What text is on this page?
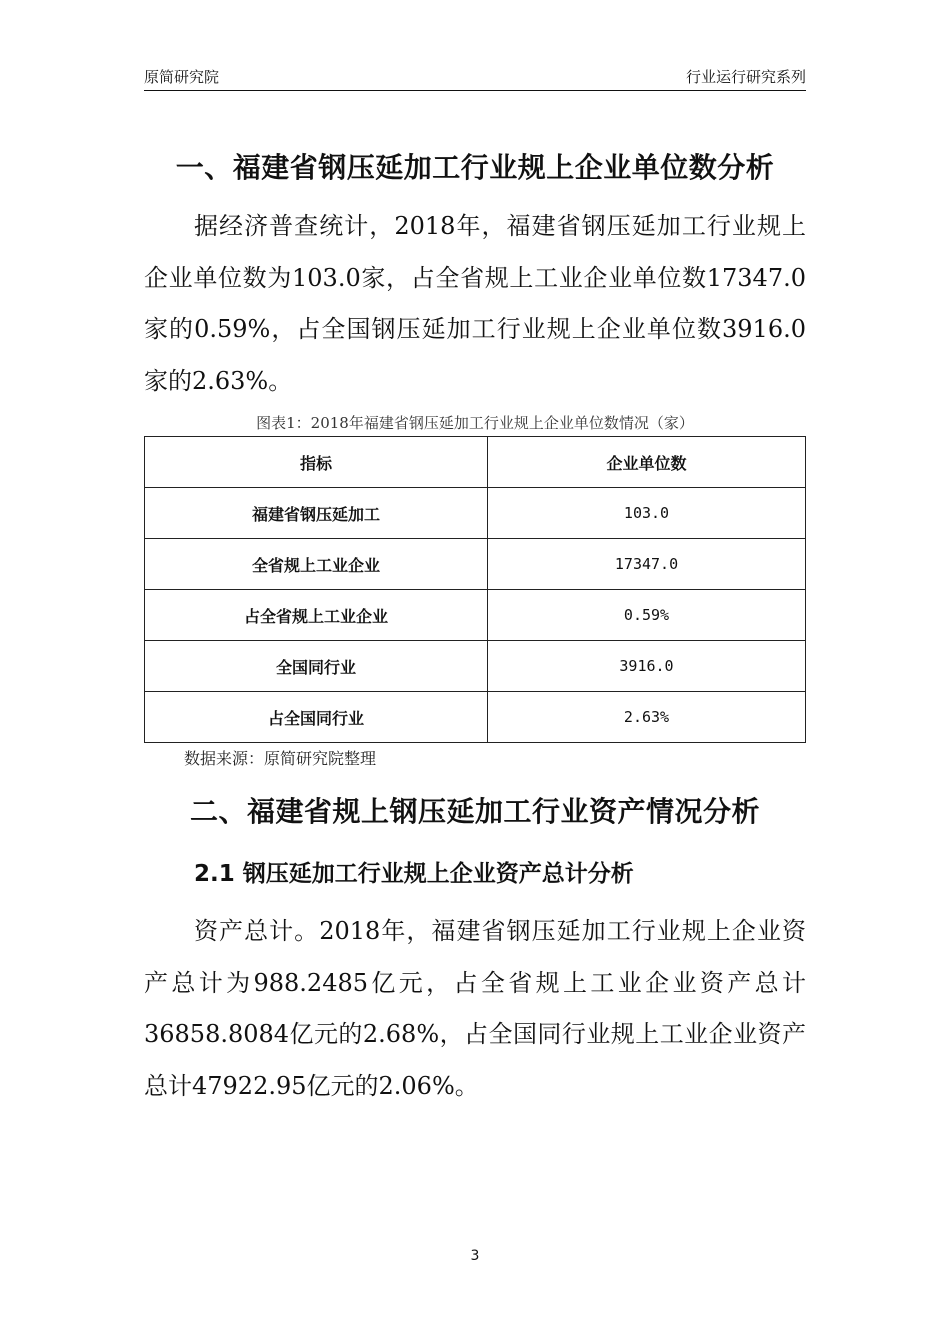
原简研究院	行业运行研究系列
一、福建省钢压延加工行业规上企业单位数分析

据经济普查统计，2018年，福建省钢压延加工行业规上企业单位数为103.0家，占全省规上工业企业单位数17347.0家的0.59%，占全国钢压延加工行业规上企业单位数3916.0家的2.63%。

图表1：2018年福建省钢压延加工行业规上企业单位数情况（家）
指标	企业单位数
福建省钢压延加工	103.0
全省规上工业企业	17347.0
占全省规上工业企业	0.59%
全国同行业	3916.0
占全国同行业	2.63%
数据来源：原简研究院整理
二、福建省规上钢压延加工行业资产情况分析
2.1 钢压延加工行业规上企业资产总计分析

资产总计。2018年，福建省钢压延加工行业规上企业资产总计为988.2485亿元，占全省规上工业企业资产总计36858.8084亿元的2.68%，占全国同行业规上工业企业资产总计47922.95亿元的2.06%。

3
